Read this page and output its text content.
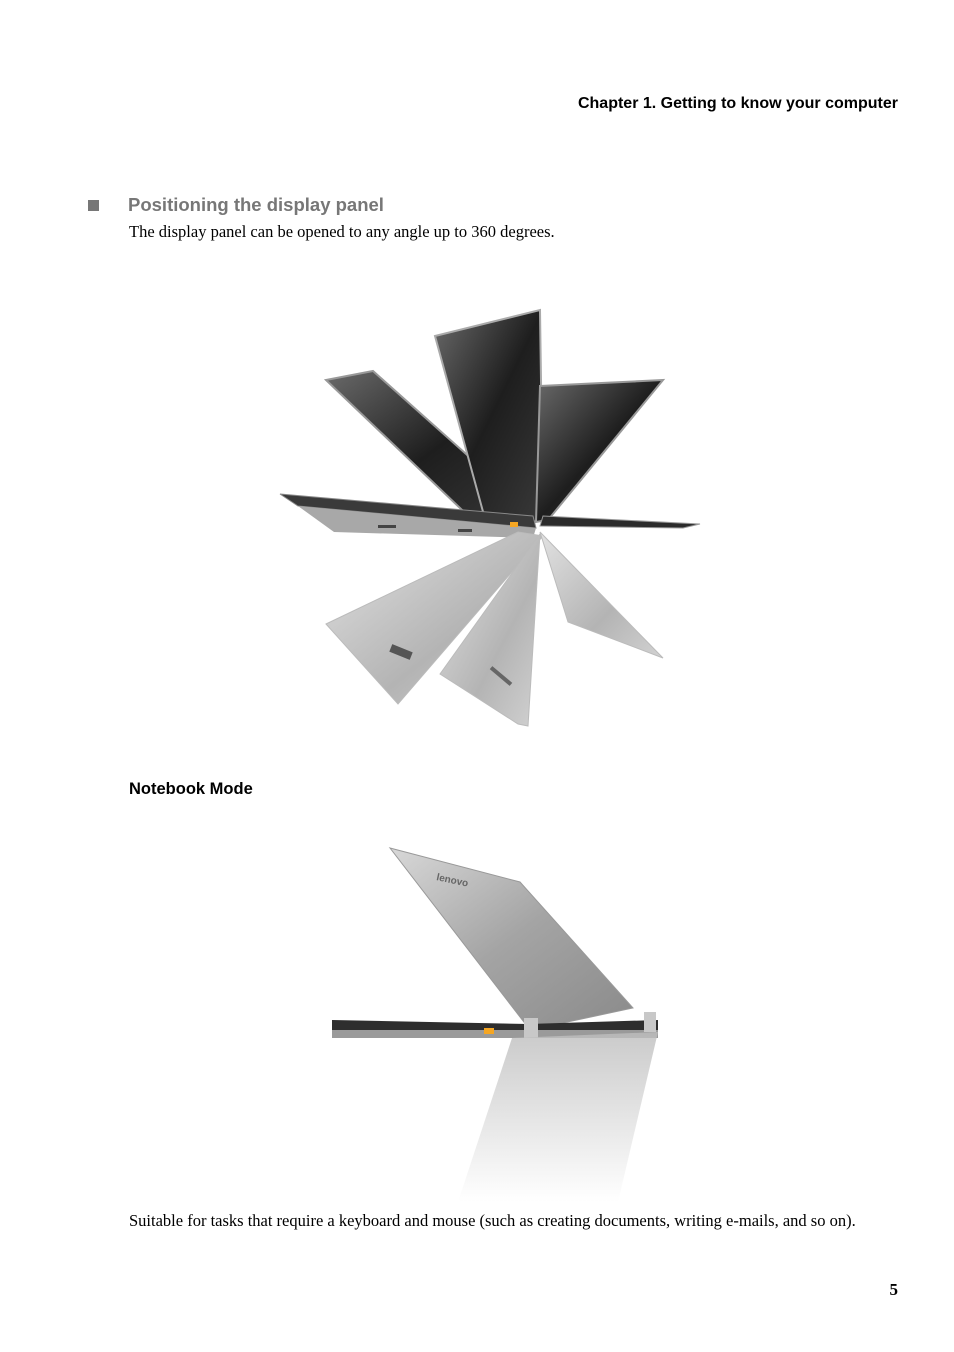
Chapter 1. Getting to know your computer
Positioning the display panel
The display panel can be opened to any angle up to 360 degrees.
Notebook Mode
lenovo
Suitable for tasks that require a keyboard and mouse (such as creating documents, writing e-mails, and so on).
5
